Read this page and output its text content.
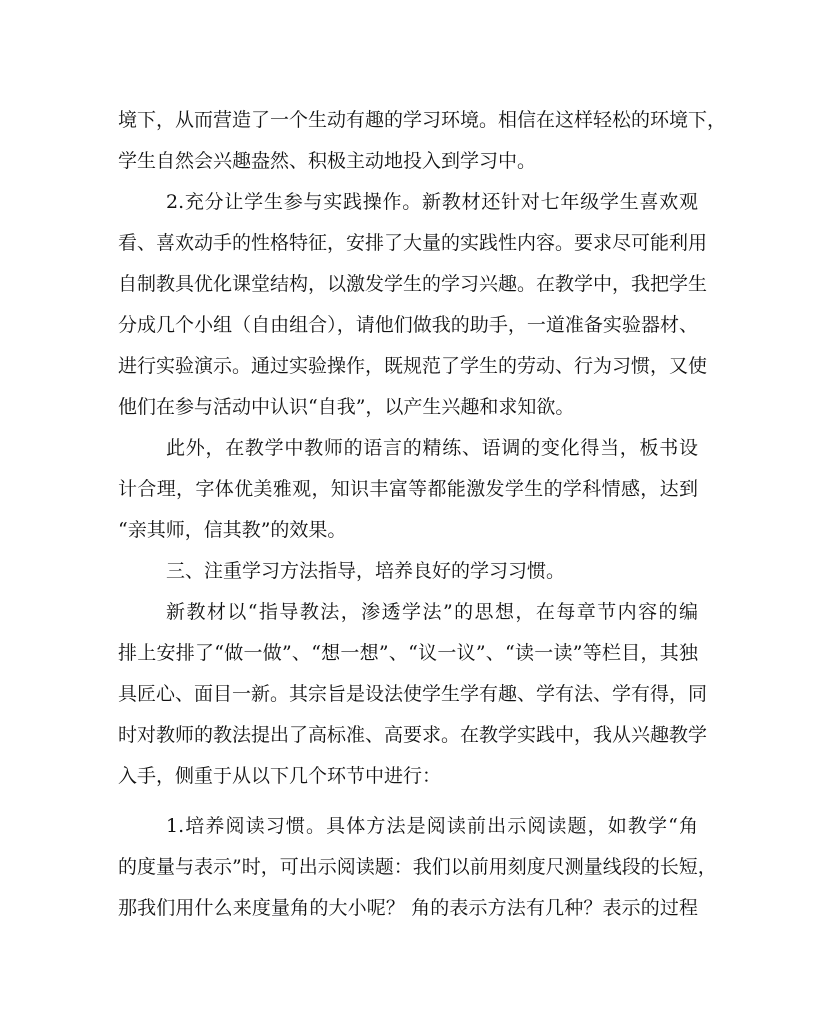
境下，从而营造了一个生动有趣的学习环境。相信在这样轻松的环境下，
学生自然会兴趣盎然、积极主动地投入到学习中。
2.充分让学生参与实践操作。新教材还针对七年级学生喜欢观
看、喜欢动手的性格特征，安排了大量的实践性内容。要求尽可能利用
自制教具优化课堂结构，以激发学生的学习兴趣。在教学中，我把学生
分成几个小组（自由组合），请他们做我的助手，一道准备实验器材、
进行实验演示。通过实验操作，既规范了学生的劳动、行为习惯，又使
他们在参与活动中认识“自我”，以产生兴趣和求知欲。
此外，在教学中教师的语言的精练、语调的变化得当，板书设
计合理，字体优美雅观，知识丰富等都能激发学生的学科情感，达到
“亲其师，信其教”的效果。
三、注重学习方法指导，培养良好的学习习惯。
新教材以“指导教法，渗透学法”的思想，在每章节内容的编
排上安排了“做一做”、“想一想”、“议一议”、“读一读”等栏目，其独
具匠心、面目一新。其宗旨是设法使学生学有趣、学有法、学有得，同
时对教师的教法提出了高标准、高要求。在教学实践中，我从兴趣教学
入手，侧重于从以下几个环节中进行：
1.培养阅读习惯。具体方法是阅读前出示阅读题，如教学“角
的度量与表示”时，可出示阅读题：我们以前用刻度尺测量线段的长短，
那我们用什么来度量角的大小呢？ 角的表示方法有几种？表示的过程
